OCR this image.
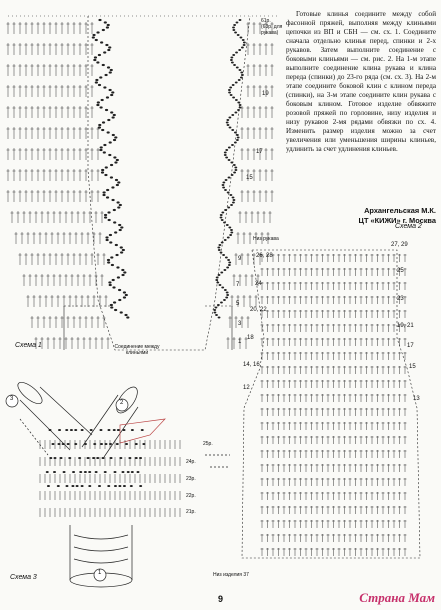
61р.
(63р. для рукава)
19
17
15
9
7
5
3
1
Соединение между клиньями
Схема 1
Готовые клинья соедините между собой фасонной пряжей, выполняя между клиньями цепочки из ВП и СБН — см. сх. 1. Соедините сначала отдельно клинья перед, спинки и 2-х рукавов. Затем выполните соединение с боковыми клиньями — см. рис. 2. На 1-м этапе выполните соединение клина рукава и клина переда (спинки) до 23-го ряда (см. сх. 3). На 2-м этапе соедините боковой клин с клином переда (спинки), на 3-м этапе соедините клин рукава с боковым клином. Готовое изделие обвяжите розовой пряжей по горловине, низу изделия и низу рукавов 2-мя рядами обвязки по сх. 4. Изменить размер изделия можно за счет увеличения или уменьшения ширины клиньев, удлинить за счет удлинения клиньев.
Архангельская М.К.
ЦТ «КИЖИ» г. Москва
Схема 2
Низ рукава
27, 29
25
23
19, 21
17
15
13
26, 28
24
20, 22
18
14, 16
12
Низ изделия 37
3
2
1
25р.
24р.
23р.
22р.
21р.
Схема 3
9	Страна Мам
